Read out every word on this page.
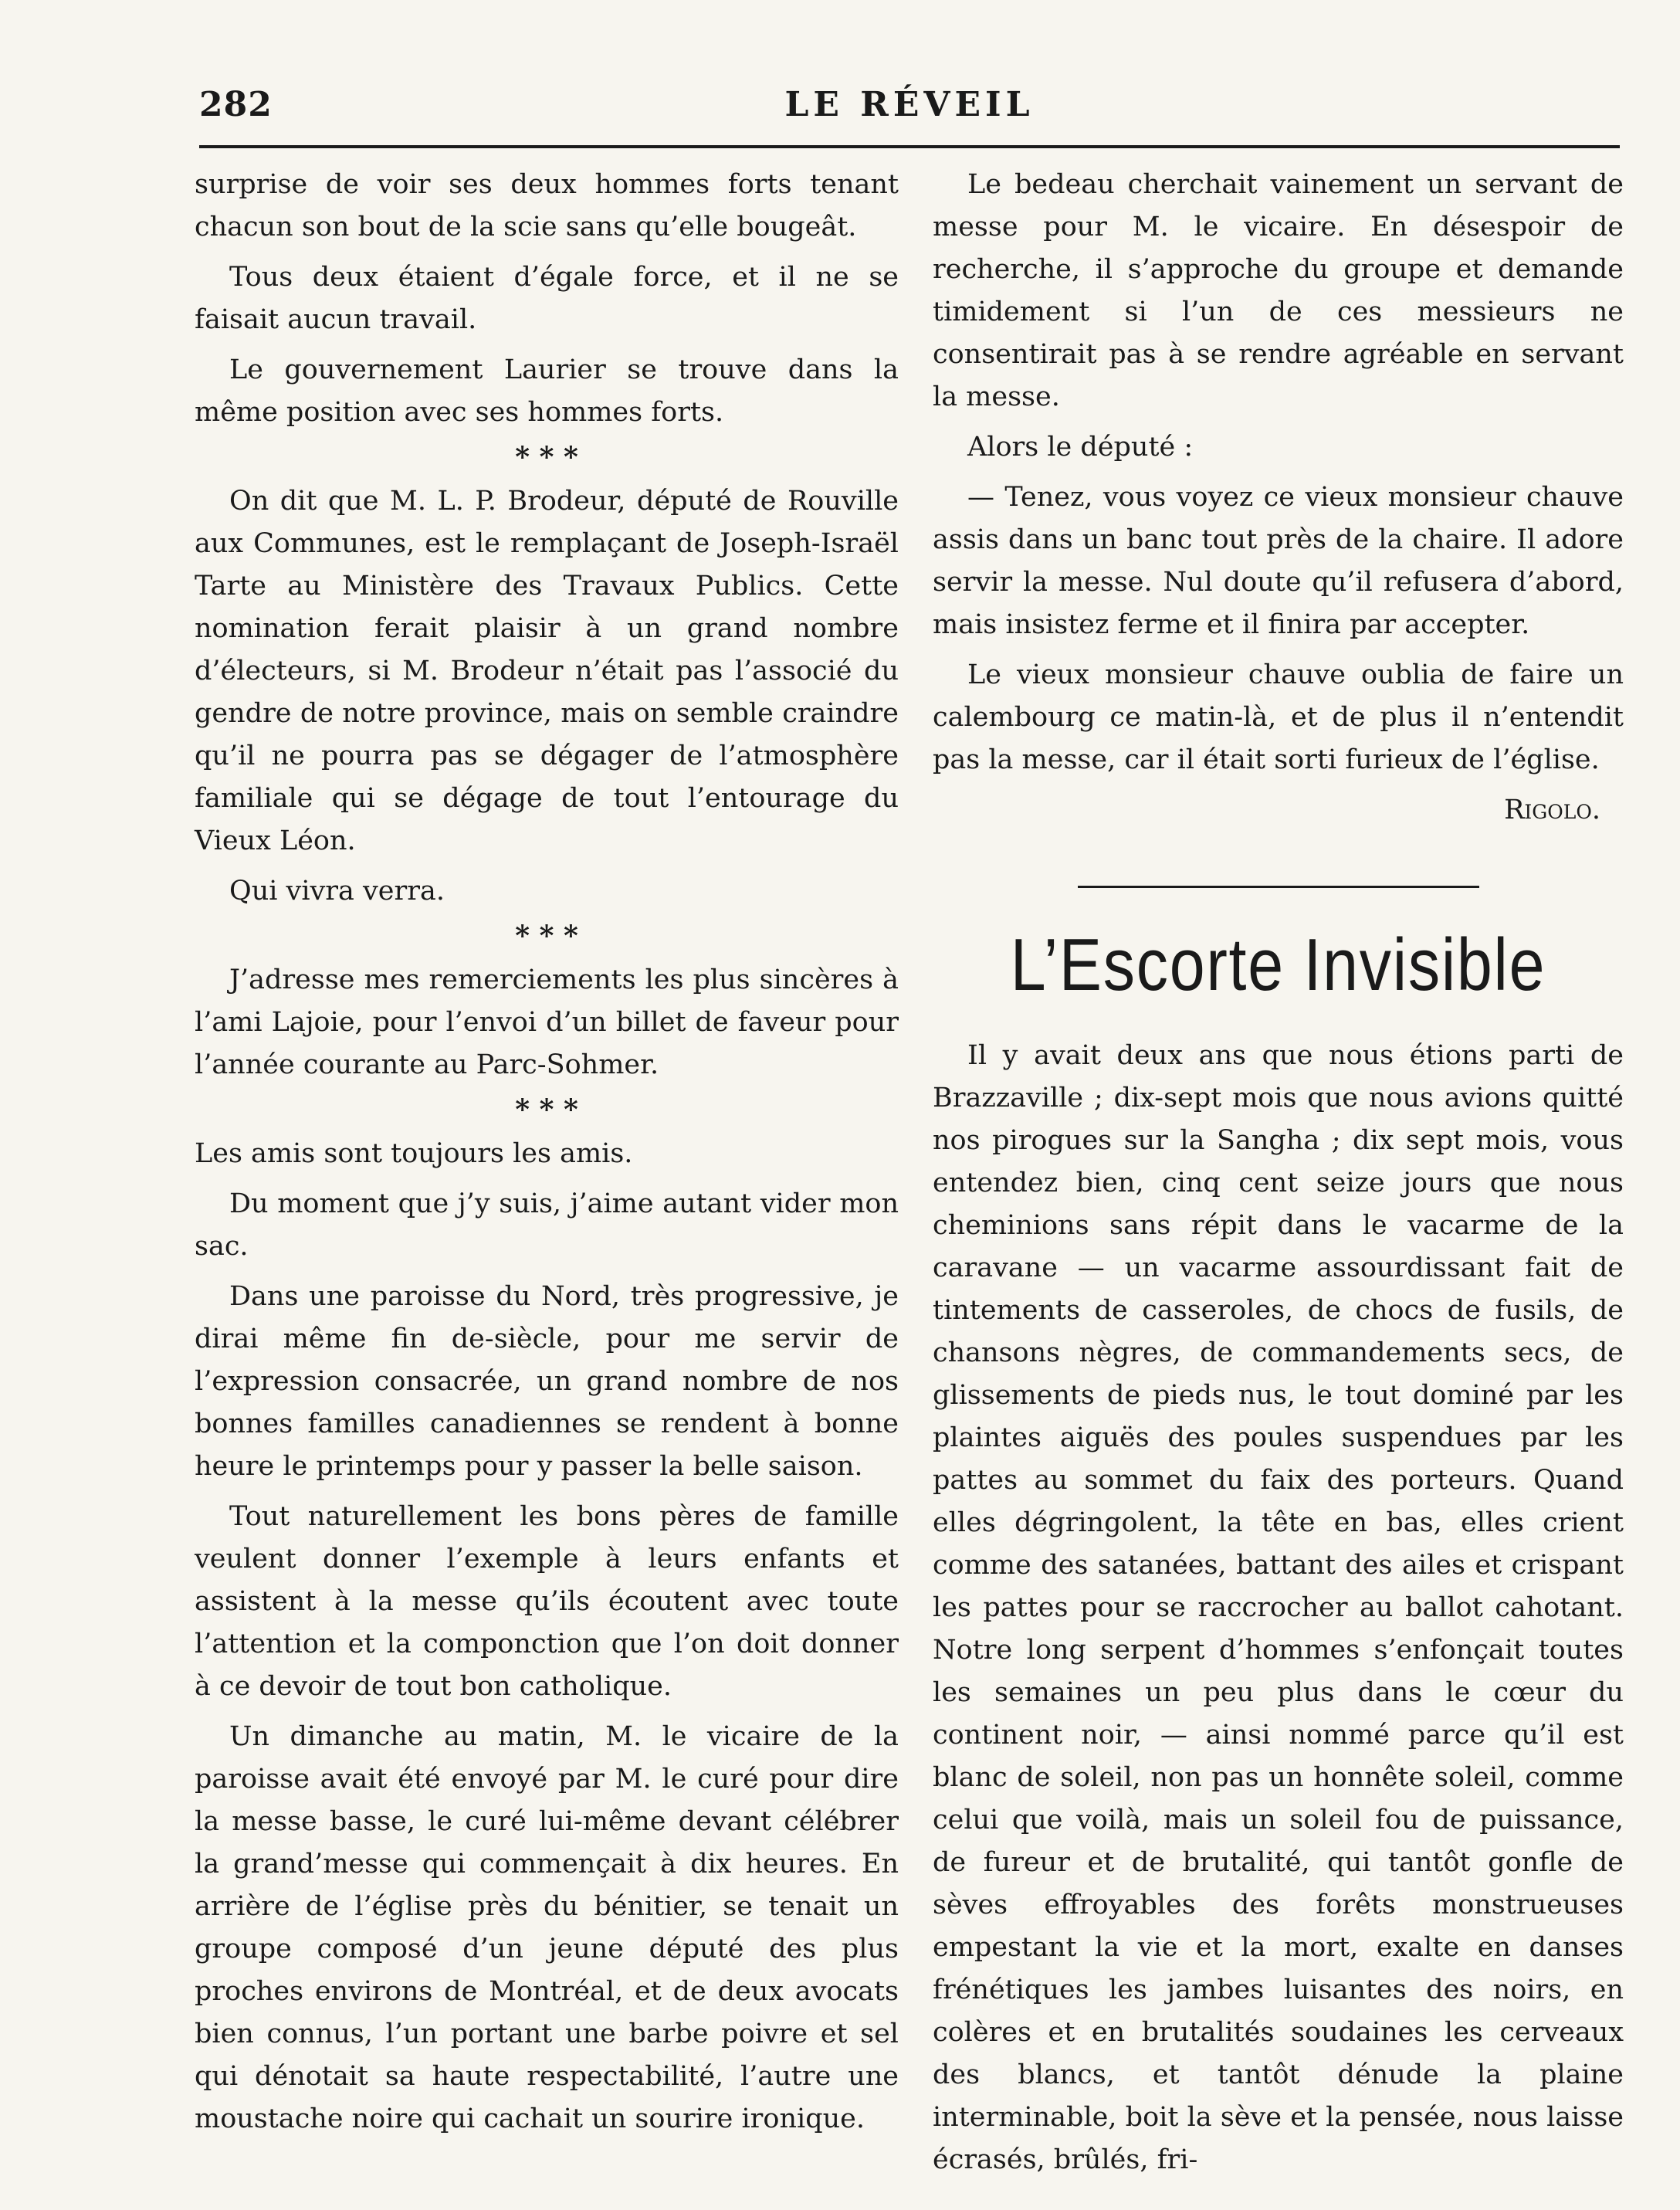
282	LE RÉVEIL

surprise de voir ses deux hommes forts tenant chacun son bout de la scie sans qu’elle bougeât.

Tous deux étaient d’égale force, et il ne se faisait aucun travail.

Le gouvernement Laurier se trouve dans la même position avec ses hommes forts.

* * *

On dit que M. L. P. Brodeur, député de Rouville aux Communes, est le remplaçant de Joseph-Israël Tarte au Ministère des Travaux Publics. Cette nomination ferait plaisir à un grand nombre d’électeurs, si M. Brodeur n’était pas l’associé du gendre de notre province, mais on semble craindre qu’il ne pourra pas se dégager de l’atmosphère familiale qui se dégage de tout l’entourage du Vieux Léon.

Qui vivra verra.

* * *

J’adresse mes remerciements les plus sincères à l’ami Lajoie, pour l’envoi d’un billet de faveur pour l’année courante au Parc-Sohmer.

* * *

Les amis sont toujours les amis.

Du moment que j’y suis, j’aime autant vider mon sac.

Dans une paroisse du Nord, très progressive, je dirai même fin de-siècle, pour me servir de l’expression consacrée, un grand nombre de nos bonnes familles canadiennes se rendent à bonne heure le printemps pour y passer la belle saison.

Tout naturellement les bons pères de famille veulent donner l’exemple à leurs enfants et assistent à la messe qu’ils écoutent avec toute l’attention et la componction que l’on doit donner à ce devoir de tout bon catholique.

Un dimanche au matin, M. le vicaire de la paroisse avait été envoyé par M. le curé pour dire la messe basse, le curé lui-même devant célébrer la grand’messe qui commençait à dix heures. En arrière de l’église près du bénitier, se tenait un groupe composé d’un jeune député des plus proches environs de Montréal, et de deux avocats bien connus, l’un portant une barbe poivre et sel qui dénotait sa haute respectabilité, l’autre une moustache noire qui cachait un sourire ironique.

Le bedeau cherchait vainement un servant de messe pour M. le vicaire. En désespoir de recherche, il s’approche du groupe et demande timidement si l’un de ces messieurs ne consentirait pas à se rendre agréable en servant la messe.

Alors le député :

— Tenez, vous voyez ce vieux monsieur chauve assis dans un banc tout près de la chaire. Il adore servir la messe. Nul doute qu’il refusera d’abord, mais insistez ferme et il finira par accepter.

Le vieux monsieur chauve oublia de faire un calembourg ce matin-là, et de plus il n’entendit pas la messe, car il était sorti furieux de l’église.

Rigolo.
L’Escorte Invisible

Il y avait deux ans que nous étions parti de Brazzaville ; dix-sept mois que nous avions quitté nos pirogues sur la Sangha ; dix sept mois, vous entendez bien, cinq cent seize jours que nous cheminions sans répit dans le vacarme de la caravane — un vacarme assourdissant fait de tintements de casseroles, de chocs de fusils, de chansons nègres, de commandements secs, de glissements de pieds nus, le tout dominé par les plaintes aiguës des poules suspendues par les pattes au sommet du faix des porteurs. Quand elles dégringolent, la tête en bas, elles crient comme des satanées, battant des ailes et crispant les pattes pour se raccrocher au ballot cahotant. Notre long serpent d’hommes s’enfonçait toutes les semaines un peu plus dans le cœur du continent noir, — ainsi nommé parce qu’il est blanc de soleil, non pas un honnête soleil, comme celui que voilà, mais un soleil fou de puissance, de fureur et de brutalité, qui tantôt gonfle de sèves effroyables des forêts monstrueuses empestant la vie et la mort, exalte en danses frénétiques les jambes luisantes des noirs, en colères et en brutalités soudaines les cerveaux des blancs, et tantôt dénude la plaine interminable, boit la sève et la pensée, nous laisse écrasés, brûlés, fri-
